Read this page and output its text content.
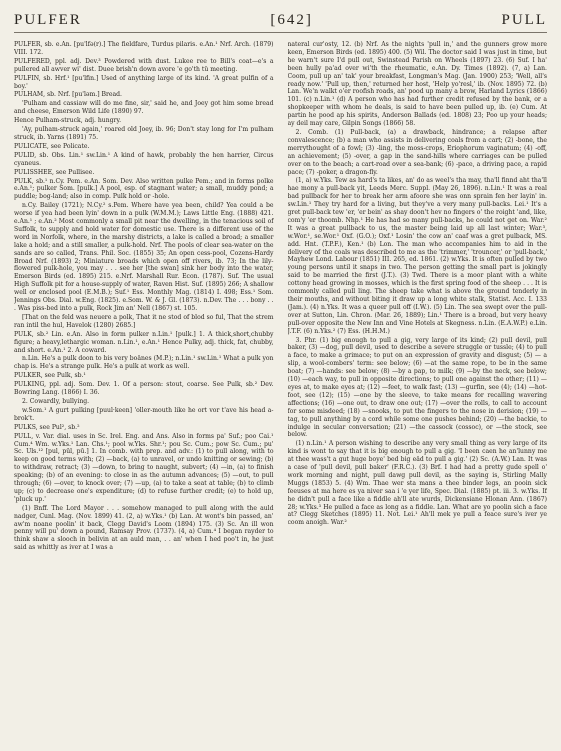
PULFER	[642]	PULL

PULFER, sb. e.An. [pu'lfə(r).] The fieldfare, Turdus pilaris. e.An.¹ Nrf. Arch. (1879) VIII. 172.

PULFERED, ppl. adj. Dev.³ Powdered with dust. Lukee ree to Bill's coat—e's a pullered all awver wi' dist. Duee brish'n down avore 'e go'th tü meeting.

PULFIN, sb. Hrf.¹ [pu'lfin.] Used of anything large of its kind. 'A great pulfin of a boy.'

PULHAM, sb. Nrf. [pu'ləm.] Bread.

'Pulham and cassiaw will do me fine, sir,' said he, and Joey got him some bread and cheese, Emerson Wild Life (1890) 97.

Hence Pulham-struck, adj. hungry.

'Ay, pulham-struck again,' roared old Joey, ib. 96; Don't stay long for I'm pulham struck, ib. Yarns (1891) 75.

PULICATE, see Policate.

PULID, sb. Obs. Lin.¹ sw.Lin.¹ A kind of hawk, probably the hen harrier, Circus cyaneus.

PULISSHEE, see Pullisee.

PULK, sb.¹ n.Cy. Pem. e.An. Som. Dev. Also written pulke Pem.; and in forms polke e.An.¹; pulker Som. [pulk.] A pool, esp. of stagnant water; a small, muddy pond; a puddle; bog-land; also in comp. Pulk hold or -hole.

n.Cy. Bailey (1721); N.Cy.² s.Pem. Where have yea been, child? Yea could a be worse if yea had been lyin' down in a pulk (W.M.M.); Laws Little Eng. (1888) 421. e.An.¹ ; e.An.² Most commonly a small pit near the dwelling, in the tenacious soil of Suffolk, to supply and hold water for domestic use. There is a different use of the word in Norfolk, where, in the marshy districts, a lake is called a broad; a smaller lake a hold; and a still smaller, a pulk-hold. Nrf. The pools of clear sea-water on the sands are so called, Trans. Phil. Soc. (1855) 35; An open cess-pool, Cozens-Hardy Broad Nrf. (1893) 2; Miniature broads which open off rivers, ib. 73; In the lily-flowered pulk-hole, you may . . . see her [the swan] sink her body into the water, Emerson Birds (ed. 1895) 215. e.Nrf. Marshall Rur. Econ. (1787). Suf. The usual High Suffolk pit for a house-supply of water, Raven Hist. Suf. (1895) 266; A shallow well or enclosed pool (E.M.B.); Suf.¹ Ess. Monthly Mag. (1814) I. 498; Ess.¹ Som. Jennings Obs. Dial. w.Eng. (1825). e.Som. W. & J. Gl. (1873). n.Dev. The . . . bony . . . Was piss-bed into a pulk, Rock Jim an' Nell (1867) st. 105.

[That on the feld was neuere a polk, That it ne stod of blod so ful, That the strem ran intil the hul, Havelok (1280) 2685.]

PULK, sb.² Lin. e.An. Also in form pulker n.Lin.¹ [pulk.] 1. A thick,short,chubby figure; a heavy,lethargic woman. n.Lin.¹, e.An.¹ Hence Pulky, adj. thick, fat, chubby, and short. e.An.¹ 2. A coward.

n.Lin. He's a pulk doon to bis very boänes (M.P.); n.Lin.¹ sw.Lin.¹ What a pulk yon chap is. He's a strange pulk. He's a pulk at work as well.

PULKER, see Pulk, sb.¹

PULKING, ppl. adj. Som. Dev. 1. Of a person: stout, coarse. See Pulk, sb.² Dev. Bowring Lang. (1866) I. 36.

2. Cowardly, bullying.

w.Som.¹ A gurt pulking [puul·keen] 'oller-mouth like he ort vor t'ave his head a-brok't.

PULKS, see Pul², sb.²

PULL, v. Var. dial. uses in Sc. Irel. Eng. and Ans. Also in forms pa' Suf.; poo Cai.¹ Cum.⁴ Wm. w.Yks.¹ Lan. Chs.¹; pool w.Yks. Shr.¹; pou Sc. Cum.; pow Sc. Cum.; pu' Sc. Uls.¹² [pul, pūl, pū.] 1. In comb. with prep. and adv.: (1) to pull along, with to keep on good terms with; (2) —back, (a) to unravel, or undo knitting or sewing; (b) to withdraw, retract; (3) —down, to bring to naught, subvert; (4) —in, (a) to finish speaking; (b) of an evening: to close in as the autumn advances; (5) —out, to pull through; (6) —over, to knock over; (7) —up, (a) to take a seat at table; (b) to climb up; (c) to decrease one's expenditure; (d) to refuse further credit; (e) to hold up, 'pluck up.'

(1) Bnff. The Lord Mayor . . . somehow managed to pull along with the auld nadger, Cunl. Mag. (Nov. 1899) 41. (2, a) w.Yks.¹ (b) Lan. At wont's bin passed, an' aw'm noane poolin' it back, Clegg David's Loom (1894) 175. (3) Sc. An ill won penny will pu' down a pound, Ramsay Prov. (1737). (4, a) Cum.⁴ I began rayder to think shaw a slooch in belivin at an auld man, . . an' when I hed poo't in, he just said as whittly as iver at I was a

nateral cur'osty, 12. (b) Nrf. As the nights 'pull in,' and the gunners grow more keen, Emerson Birds (ed. 1895) 400. (5) Wil. The doctor said I was just in time, but he warn't sure I'd pull out, Swinstead Parish on Wheels (1897) 23. (6) Suf. I ha' been hully pa'ad over wi'th the rheumatic, e.An. Dy. Times (1892). (7, a) Lan. Coom, pull up an' tak' your breakfast, Longman's Mag. (Jan. 1900) 253; 'Well, all's ready now.' 'Pull up, then,' returned her host, 'Help yo'resl,' ib. (Nov. 1895) 72. (b) Lan. We'n walkt o'er roofish roads, an' pood up many a brow, Harland Lyrics (1866) 101. (c) n.Lin.¹ (d) A person who has had further credit refused by the bank, or a shopkeeper with whom he deals, is said to have been pulled up, ib. (e) Cum. At partin he pood ap his spirits, Anderson Ballads (ed. 1808) 23; Poo up your heads; ay deil may care, Gilpin Songs (1866) 58.

2. Comb. (1) Pull-back, (a) a drawback, hindrance; a relapse after convalescence; (b) a man who assists in delivering coals from a cart; (2) -bone, the merrythought of a fowl; (3) -ling, the moss-crops, Eriophorum vaginatum; (4) -off, an achievement; (5) -over, a gap in the sand-hills where carriages can be pulled over on to the beach; a cart-road over a sea-bank; (6) -pace, a driving pace, a rapid pace; (7) -poker, a dragon-fly.

(1, a) w.Yks. Tew as hard's ta likes, an' do as weel's tha may, tha'll finnd aht tha'll hae mony a pull-back yit, Leeds Merc. Suppl. (May 26, 1896). n.Lin.¹ It was a real bad pullback for her to break her arm afoore she was onn sprain fen her layin' in. sw.Lin.¹ They try hard for a living, but they've a very many pull-backs. Lei.¹ It's a gret pull-back tew 'er, 'er bein' as shay doon't hev no fingers o' the roight 'and, like, com'y 'er thoomb. Nhp.¹ He has had so many pull-backs, he could not get on. War.² It was a great pullback to us, the master being laid up all last winter; War.³, w.Wor.¹, se.Wor.¹ Oxf. (G.O.); Oxf.¹ Losin' the cow an' caaf was a gret pulback, MS. add. Hnt. (T.P.F.), Ken.¹ (b) Lon. The man who accompanies him to aid in the delivery of the coals was described to me as the 'trimmer,' 'trouncer,' or 'pull-back,' Mayhew Lond. Labour (1851) III. 265, ed. 1861. (2) w.Yks. It is often pulled by two young persons until it snaps in two. The person getting the small part is jokingly said to be married the first (J.T.). (3) Twd. There is a moor plant with a white cottony head growing in mosses, which is the first spring food of the sheep . . . It is commonly called pull ling. The sheep take what is above the ground tenderly in their mouths, and without biting it draw up a long white stalk, Statist. Acc. I. 133 (Jam.). (4) n.Yks. It was a queer pull off (I.W.). (5) Lin. The sea swept over the pull-over at Sutton, Lin. Chron. (Mar. 26, 1889); Lin.¹ There is a broad, but very heavy pull-over opposite the New Inn and Vine Hotels at Skegness. n.Lin. (E.A.W.P.) e.Lin. J.T.F. (6) n.Yks.² (7) Ess. (H.H.M.)

3. Phr. (1) big enough to pull a gig, very large of its kind; (2) pull devil, pull baker, (3) —dog, pull devil, used to describe a severe struggle or tussle; (4) to pull a face, to make a grimace; to put on an expression of gravity and disgust; (5) — a slip, a wool-combers' term: see below; (6) —at the same rope, to be in the same boat; (7) —hands: see below; (8) —by a pap, to milk; (9) —by the neck, see below; (10) —each way, to pull in opposite directions; to pull one against the other; (11) —eyes at, to make eyes at; (12) —feet, to walk fast; (13) —gurfin, see (4); (14) —hot-foot, see (12); (15) —one by the sleeve, to take means for recalling wavering affections; (16) —one out, to draw one out; (17) —over the rolls, to call to account for some misdeed; (18) —snooks, to put the fingers to the nose in derision; (19) —tag, to pull anything by a cord while some one pushes behind; (20) —the backie, to indulge in secular conversation; (21) —the cassock (cossoc), or —the stock, see below.

(1) n.Lin.¹ A person wishing to describe any very small thing as very large of its kind is wont to say that it is big enough to pull a gig. 'I been caen he an'lunny me at thee wass't a gut huge boye' bed big eäd to pull a gig.' (2) Sc. (A.W.) Lan. It was a case of 'pull devil, pull baker' (F.R.C.). (3) Brf. I had had a pretty gude spell o' work morning and night, pull dawg pull devil, as the saying is, Stirling Mally Muggs (1853) 5. (4) Wm. Thae wer sta mans a thee binder legs, an pooin sick feeuses at ma here es ya niver saa i 'e yer life, Spec. Dial. (1885) pt. iii. 3. w.Yks. If he didn't pull a face like a fiddle ah'll ate wurds, Dickensiane Hlonan Ann. (1867) 28; w.Yks.³ He pulled a face as long as a fiddle. Lan. What are yo poolin sich a face at? Clegg Sketches (1895) 11. Not. Lei.¹ Ah'll mek ye pull a feace sure's iver ye coom anoigh. War.²
